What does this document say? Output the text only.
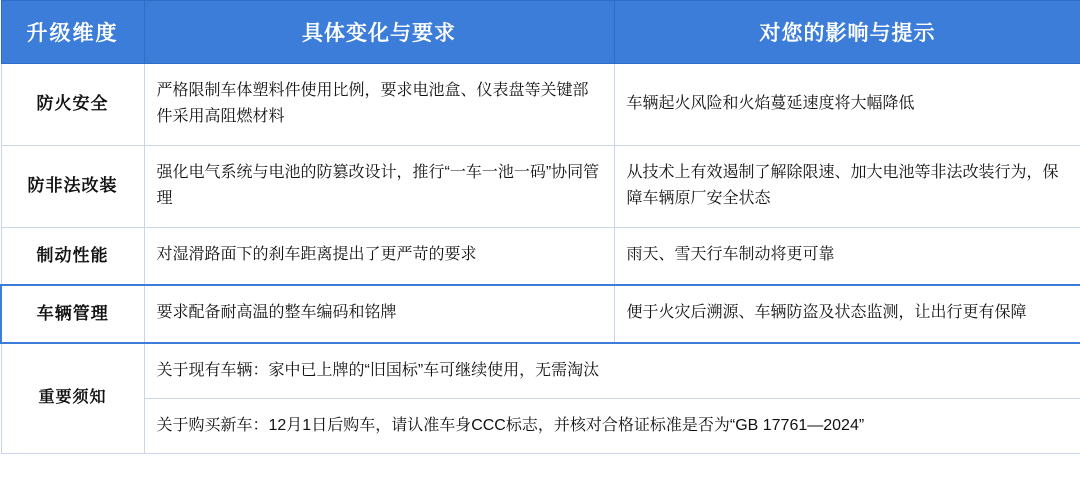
升级维度	具体变化与要求	对您的影响与提示
防火安全	严格限制车体塑料件使用比例，要求电池盒、仪表盘等关键部件采用高阻燃材料	车辆起火风险和火焰蔓延速度将大幅降低
防非法改装	强化电气系统与电池的防篡改设计，推行“一车一池一码”协同管理	从技术上有效遏制了解除限速、加大电池等非法改装行为，保障车辆原厂安全状态
制动性能	对湿滑路面下的刹车距离提出了更严苛的要求	雨天、雪天行车制动将更可靠
车辆管理	要求配备耐高温的整车编码和铭牌	便于火灾后溯源、车辆防盗及状态监测，让出行更有保障
重要须知	关于现有车辆：家中已上牌的“旧国标”车可继续使用，无需淘汰	
	关于购买新车：12月1日后购车，请认准车身CCC标志，并核对合格证标准是否为“GB 17761—2024”	
